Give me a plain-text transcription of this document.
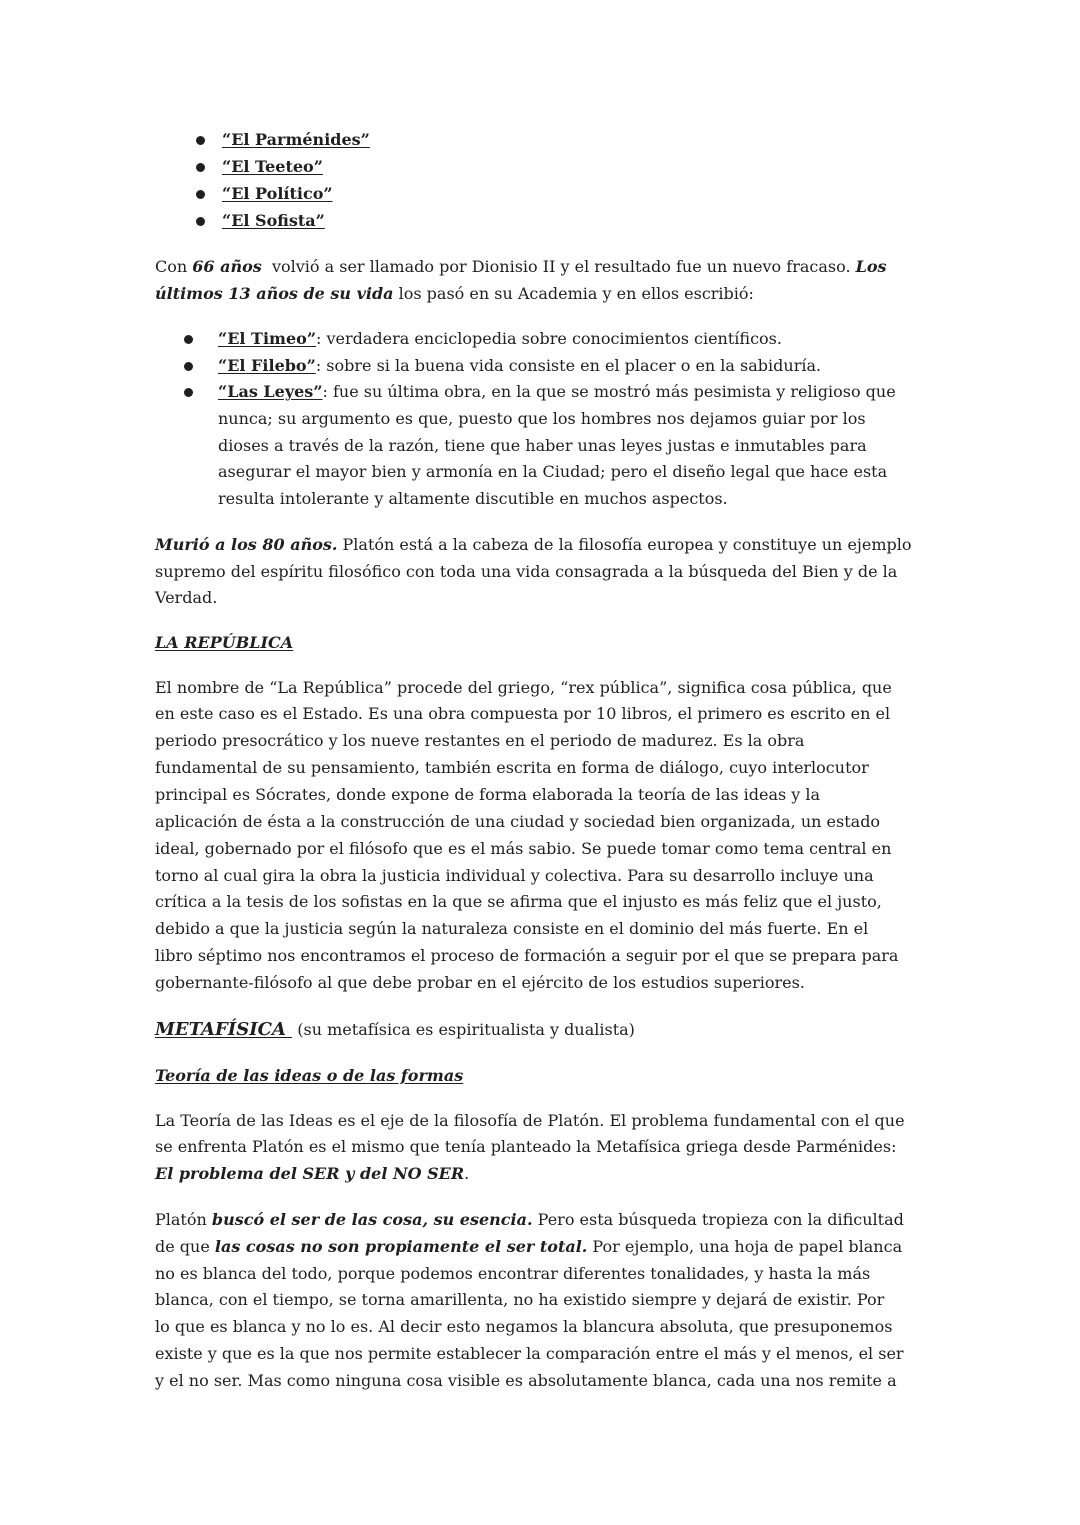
“El Parménides”
“El Teeteo”
“El Político”
“El Sofista”
Con 66 años  volvió a ser llamado por Dionisio II y el resultado fue un nuevo fracaso. Los
últimos 13 años de su vida los pasó en su Academia y en ellos escribió:
“El Timeo”: verdadera enciclopedia sobre conocimientos científicos.
“El Filebo”: sobre si la buena vida consiste en el placer o en la sabiduría.
“Las Leyes”: fue su última obra, en la que se mostró más pesimista y religioso que
nunca; su argumento es que, puesto que los hombres nos dejamos guiar por los
dioses a través de la razón, tiene que haber unas leyes justas e inmutables para
asegurar el mayor bien y armonía en la Ciudad; pero el diseño legal que hace esta
resulta intolerante y altamente discutible en muchos aspectos.
Murió a los 80 años. Platón está a la cabeza de la filosofía europea y constituye un ejemplo
supremo del espíritu filosófico con toda una vida consagrada a la búsqueda del Bien y de la
Verdad.
LA REPÚBLICA
El nombre de “La República” procede del griego, “rex pública”, significa cosa pública, que
en este caso es el Estado. Es una obra compuesta por 10 libros, el primero es escrito en el
periodo presocrático y los nueve restantes en el periodo de madurez. Es la obra
fundamental de su pensamiento, también escrita en forma de diálogo, cuyo interlocutor
principal es Sócrates, donde expone de forma elaborada la teoría de las ideas y la
aplicación de ésta a la construcción de una ciudad y sociedad bien organizada, un estado
ideal, gobernado por el filósofo que es el más sabio. Se puede tomar como tema central en
torno al cual gira la obra la justicia individual y colectiva. Para su desarrollo incluye una
crítica a la tesis de los sofistas en la que se afirma que el injusto es más feliz que el justo,
debido a que la justicia según la naturaleza consiste en el dominio del más fuerte. En el
libro séptimo nos encontramos el proceso de formación a seguir por el que se prepara para
gobernante-filósofo al que debe probar en el ejército de los estudios superiores.
METAFÍSICA  (su metafísica es espiritualista y dualista)
Teoría de las ideas o de las formas
La Teoría de las Ideas es el eje de la filosofía de Platón. El problema fundamental con el que
se enfrenta Platón es el mismo que tenía planteado la Metafísica griega desde Parménides:
El problema del SER y del NO SER.
Platón buscó el ser de las cosa, su esencia. Pero esta búsqueda tropieza con la dificultad
de que las cosas no son propiamente el ser total. Por ejemplo, una hoja de papel blanca
no es blanca del todo, porque podemos encontrar diferentes tonalidades, y hasta la más
blanca, con el tiempo, se torna amarillenta, no ha existido siempre y dejará de existir. Por
lo que es blanca y no lo es. Al decir esto negamos la blancura absoluta, que presuponemos
existe y que es la que nos permite establecer la comparación entre el más y el menos, el ser
y el no ser. Mas como ninguna cosa visible es absolutamente blanca, cada una nos remite a
